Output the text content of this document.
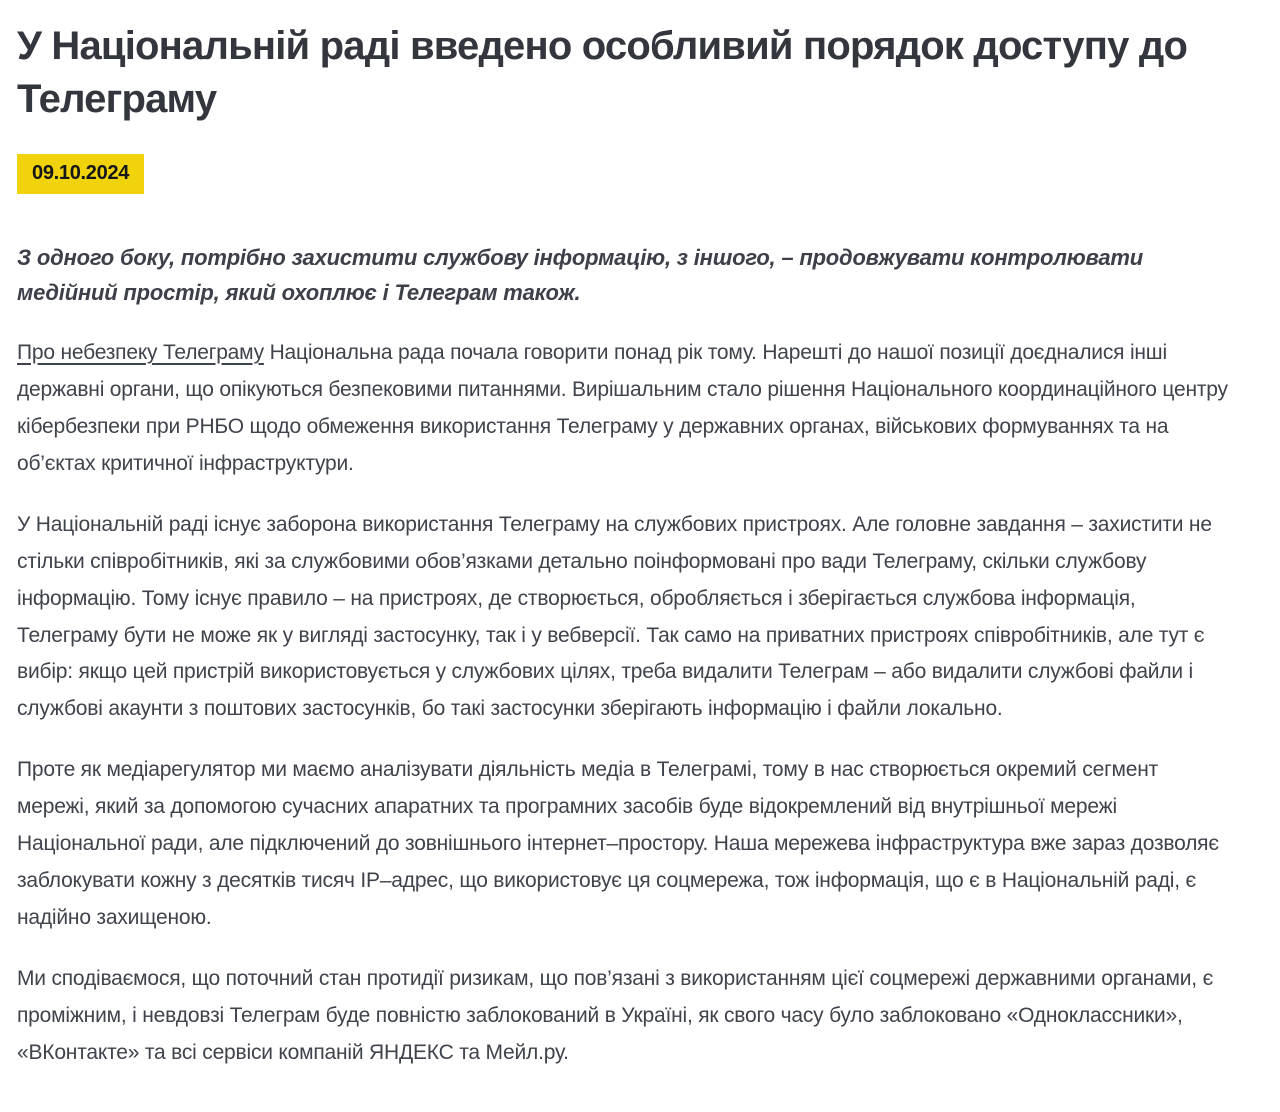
У Національній раді введено особливий порядок доступу до Телеграму
09.10.2024

З одного боку, потрібно захистити службову інформацію, з іншого, – продовжувати контролювати медійний простір, який охоплює і Телеграм також.

Про небезпеку Телеграму Національна рада почала говорити понад рік тому. Нарешті до нашої позиції доєдналися інші державні органи, що опікуються безпековими питаннями. Вирішальним стало рішення Національного координаційного центру кібербезпеки при РНБО щодо обмеження використання Телеграму у державних органах, військових формуваннях та на об’єктах критичної інфраструктури.

У Національній раді існує заборона використання Телеграму на службових пристроях. Але головне завдання – захистити не стільки співробітників, які за службовими обов’язками детально поінформовані про вади Телеграму, скільки службову інформацію. Тому існує правило – на пристроях, де створюється, обробляється і зберігається службова інформація, Телеграму бути не може як у вигляді застосунку, так і у вебверсії. Так само на приватних пристроях співробітників, але тут є вибір: якщо цей пристрій використовується у службових цілях, треба видалити Телеграм – або видалити службові файли і службові акаунти з поштових застосунків, бо такі застосунки зберігають інформацію і файли локально.

Проте як медіарегулятор ми маємо аналізувати діяльність медіа в Телеграмі, тому в нас створюється окремий сегмент мережі, який за допомогою сучасних апаратних та програмних засобів буде відокремлений від внутрішньої мережі Національної ради, але підключений до зовнішнього інтернет–простору. Наша мережева інфраструктура вже зараз дозволяє заблокувати кожну з десятків тисяч IP–адрес, що використовує ця соцмережа, тож інформація, що є в Національній раді, є надійно захищеною.

Ми сподіваємося, що поточний стан протидії ризикам, що пов’язані з використанням цієї соцмережі державними органами, є проміжним, і невдовзі Телеграм буде повністю заблокований в Україні, як свого часу було заблоковано «Одноклассники», «ВКонтакте» та всі сервіси компаній ЯНДЕКС та Мейл.ру.
